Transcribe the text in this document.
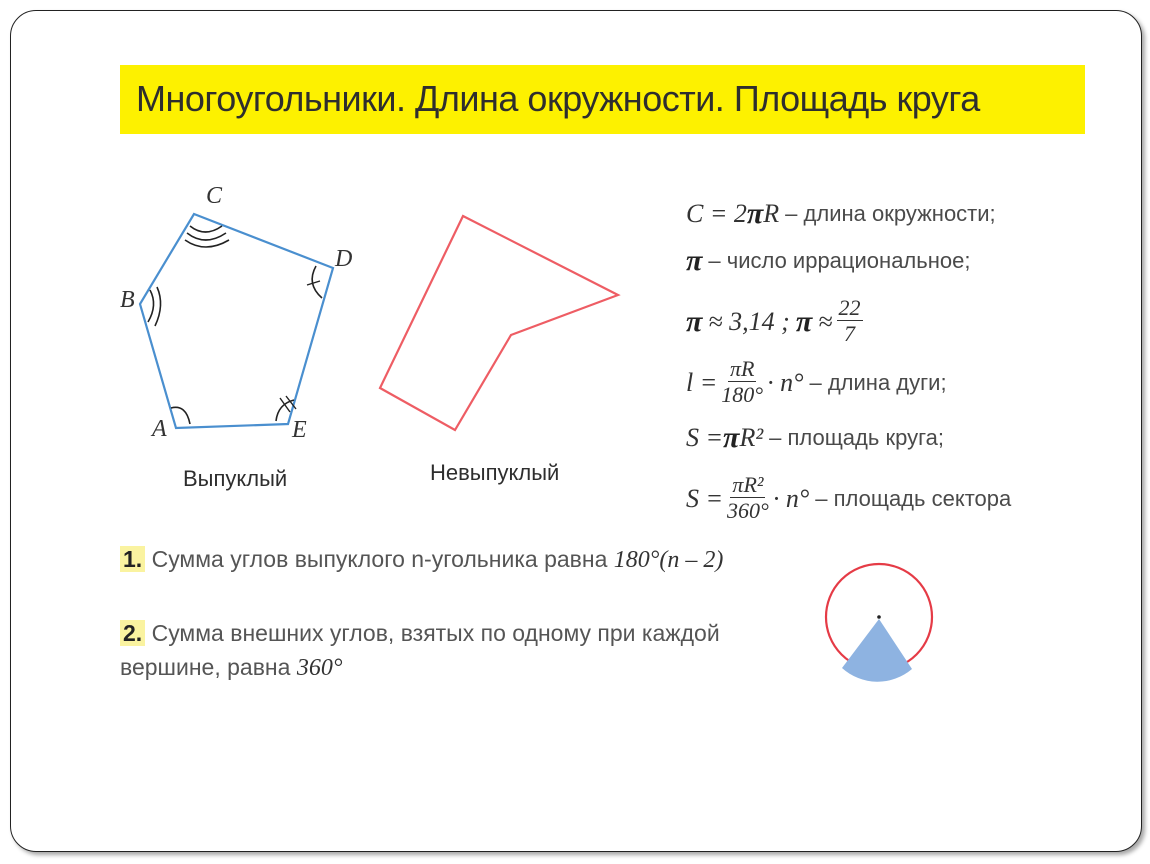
Многоугольники. Длина окружности. Площадь круга
C
D
B
A	E
Выпуклый	Невыпуклый
1. Сумма углов выпуклого n-угольника равна 180°(n – 2)
2. Сумма внешних углов, взятых по одному при каждой
вершине, равна 360°
C = 2 π R – длина окружности;
π – число иррациональное;
π ≈ 3,14 ; $\pi \approx \frac{22}{7}$
$l = \frac{\pi R}{180^\circ} \cdot n^\circ$ – длина дуги;
S = π R² – площадь круга;
$S = \frac{\text{πR²}}{360^\circ} \cdot n^\circ$ – площадь сектора
